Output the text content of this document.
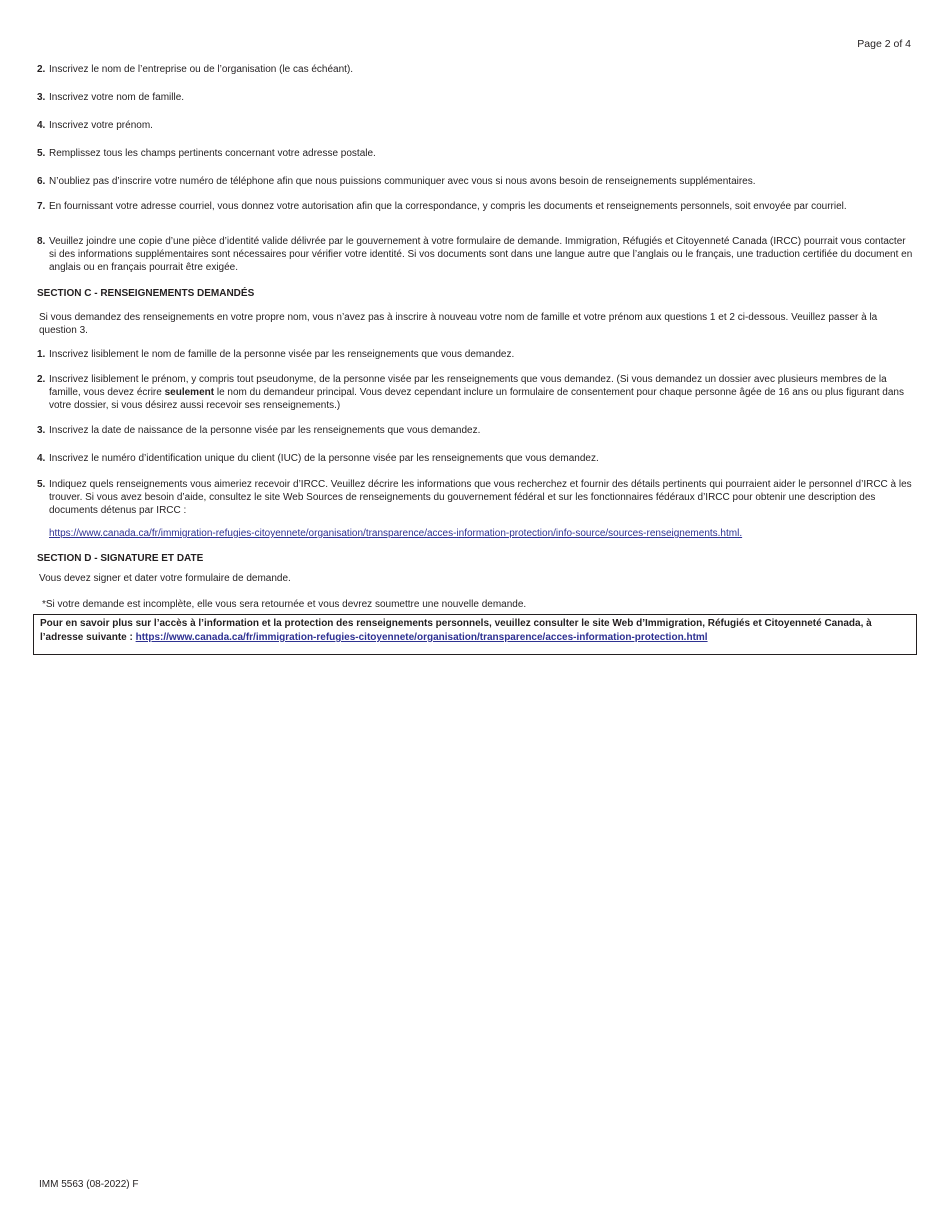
Page 2 of 4
2. Inscrivez le nom de l’entreprise ou de l’organisation (le cas échéant).
3. Inscrivez votre nom de famille.
4. Inscrivez votre prénom.
5. Remplissez tous les champs pertinents concernant votre adresse postale.
6. N’oubliez pas d’inscrire votre numéro de téléphone afin que nous puissions communiquer avec vous si nous avons besoin de renseignements supplémentaires.
7. En fournissant votre adresse courriel, vous donnez votre autorisation afin que la correspondance, y compris les documents et renseignements personnels, soit envoyée par courriel.
8. Veuillez joindre une copie d’une pièce d’identité valide délivrée par le gouvernement à votre formulaire de demande. Immigration, Réfugiés et Citoyenneté Canada (IRCC) pourrait vous contacter si des informations supplémentaires sont nécessaires pour vérifier votre identité. Si vos documents sont dans une langue autre que l’anglais ou le français, une traduction certifiée du document en anglais ou en français pourrait être exigée.
SECTION C - RENSEIGNEMENTS DEMANDÉS
Si vous demandez des renseignements en votre propre nom, vous n’avez pas à inscrire à nouveau votre nom de famille et votre prénom aux questions 1 et 2 ci-dessous. Veuillez passer à la question 3.
1. Inscrivez lisiblement le nom de famille de la personne visée par les renseignements que vous demandez.
2. Inscrivez lisiblement le prénom, y compris tout pseudonyme, de la personne visée par les renseignements que vous demandez. (Si vous demandez un dossier avec plusieurs membres de la famille, vous devez écrire seulement le nom du demandeur principal. Vous devez cependant inclure un formulaire de consentement pour chaque personne âgée de 16 ans ou plus figurant dans votre dossier, si vous désirez aussi recevoir ses renseignements.)
3. Inscrivez la date de naissance de la personne visée par les renseignements que vous demandez.
4. Inscrivez le numéro d’identification unique du client (IUC) de la personne visée par les renseignements que vous demandez.
5. Indiquez quels renseignements vous aimeriez recevoir d’IRCC. Veuillez décrire les informations que vous recherchez et fournir des détails pertinents qui pourraient aider le personnel d’IRCC à les trouver. Si vous avez besoin d’aide, consultez le site Web Sources de renseignements du gouvernement fédéral et sur les fonctionnaires fédéraux d’IRCC pour obtenir une description des documents détenus par IRCC :
https://www.canada.ca/fr/immigration-refugies-citoyennete/organisation/transparence/acces-information-protection/info-source/sources-renseignements.html.
SECTION D - SIGNATURE ET DATE
Vous devez signer et dater votre formulaire de demande.
*Si votre demande est incomplète, elle vous sera retournée et vous devrez soumettre une nouvelle demande.
Pour en savoir plus sur l’accès à l’information et la protection des renseignements personnels, veuillez consulter le site Web d’Immigration, Réfugiés et Citoyenneté Canada, à l’adresse suivante : https://www.canada.ca/fr/immigration-refugies-citoyennete/organisation/transparence/acces-information-protection.html
IMM 5563 (08-2022) F
